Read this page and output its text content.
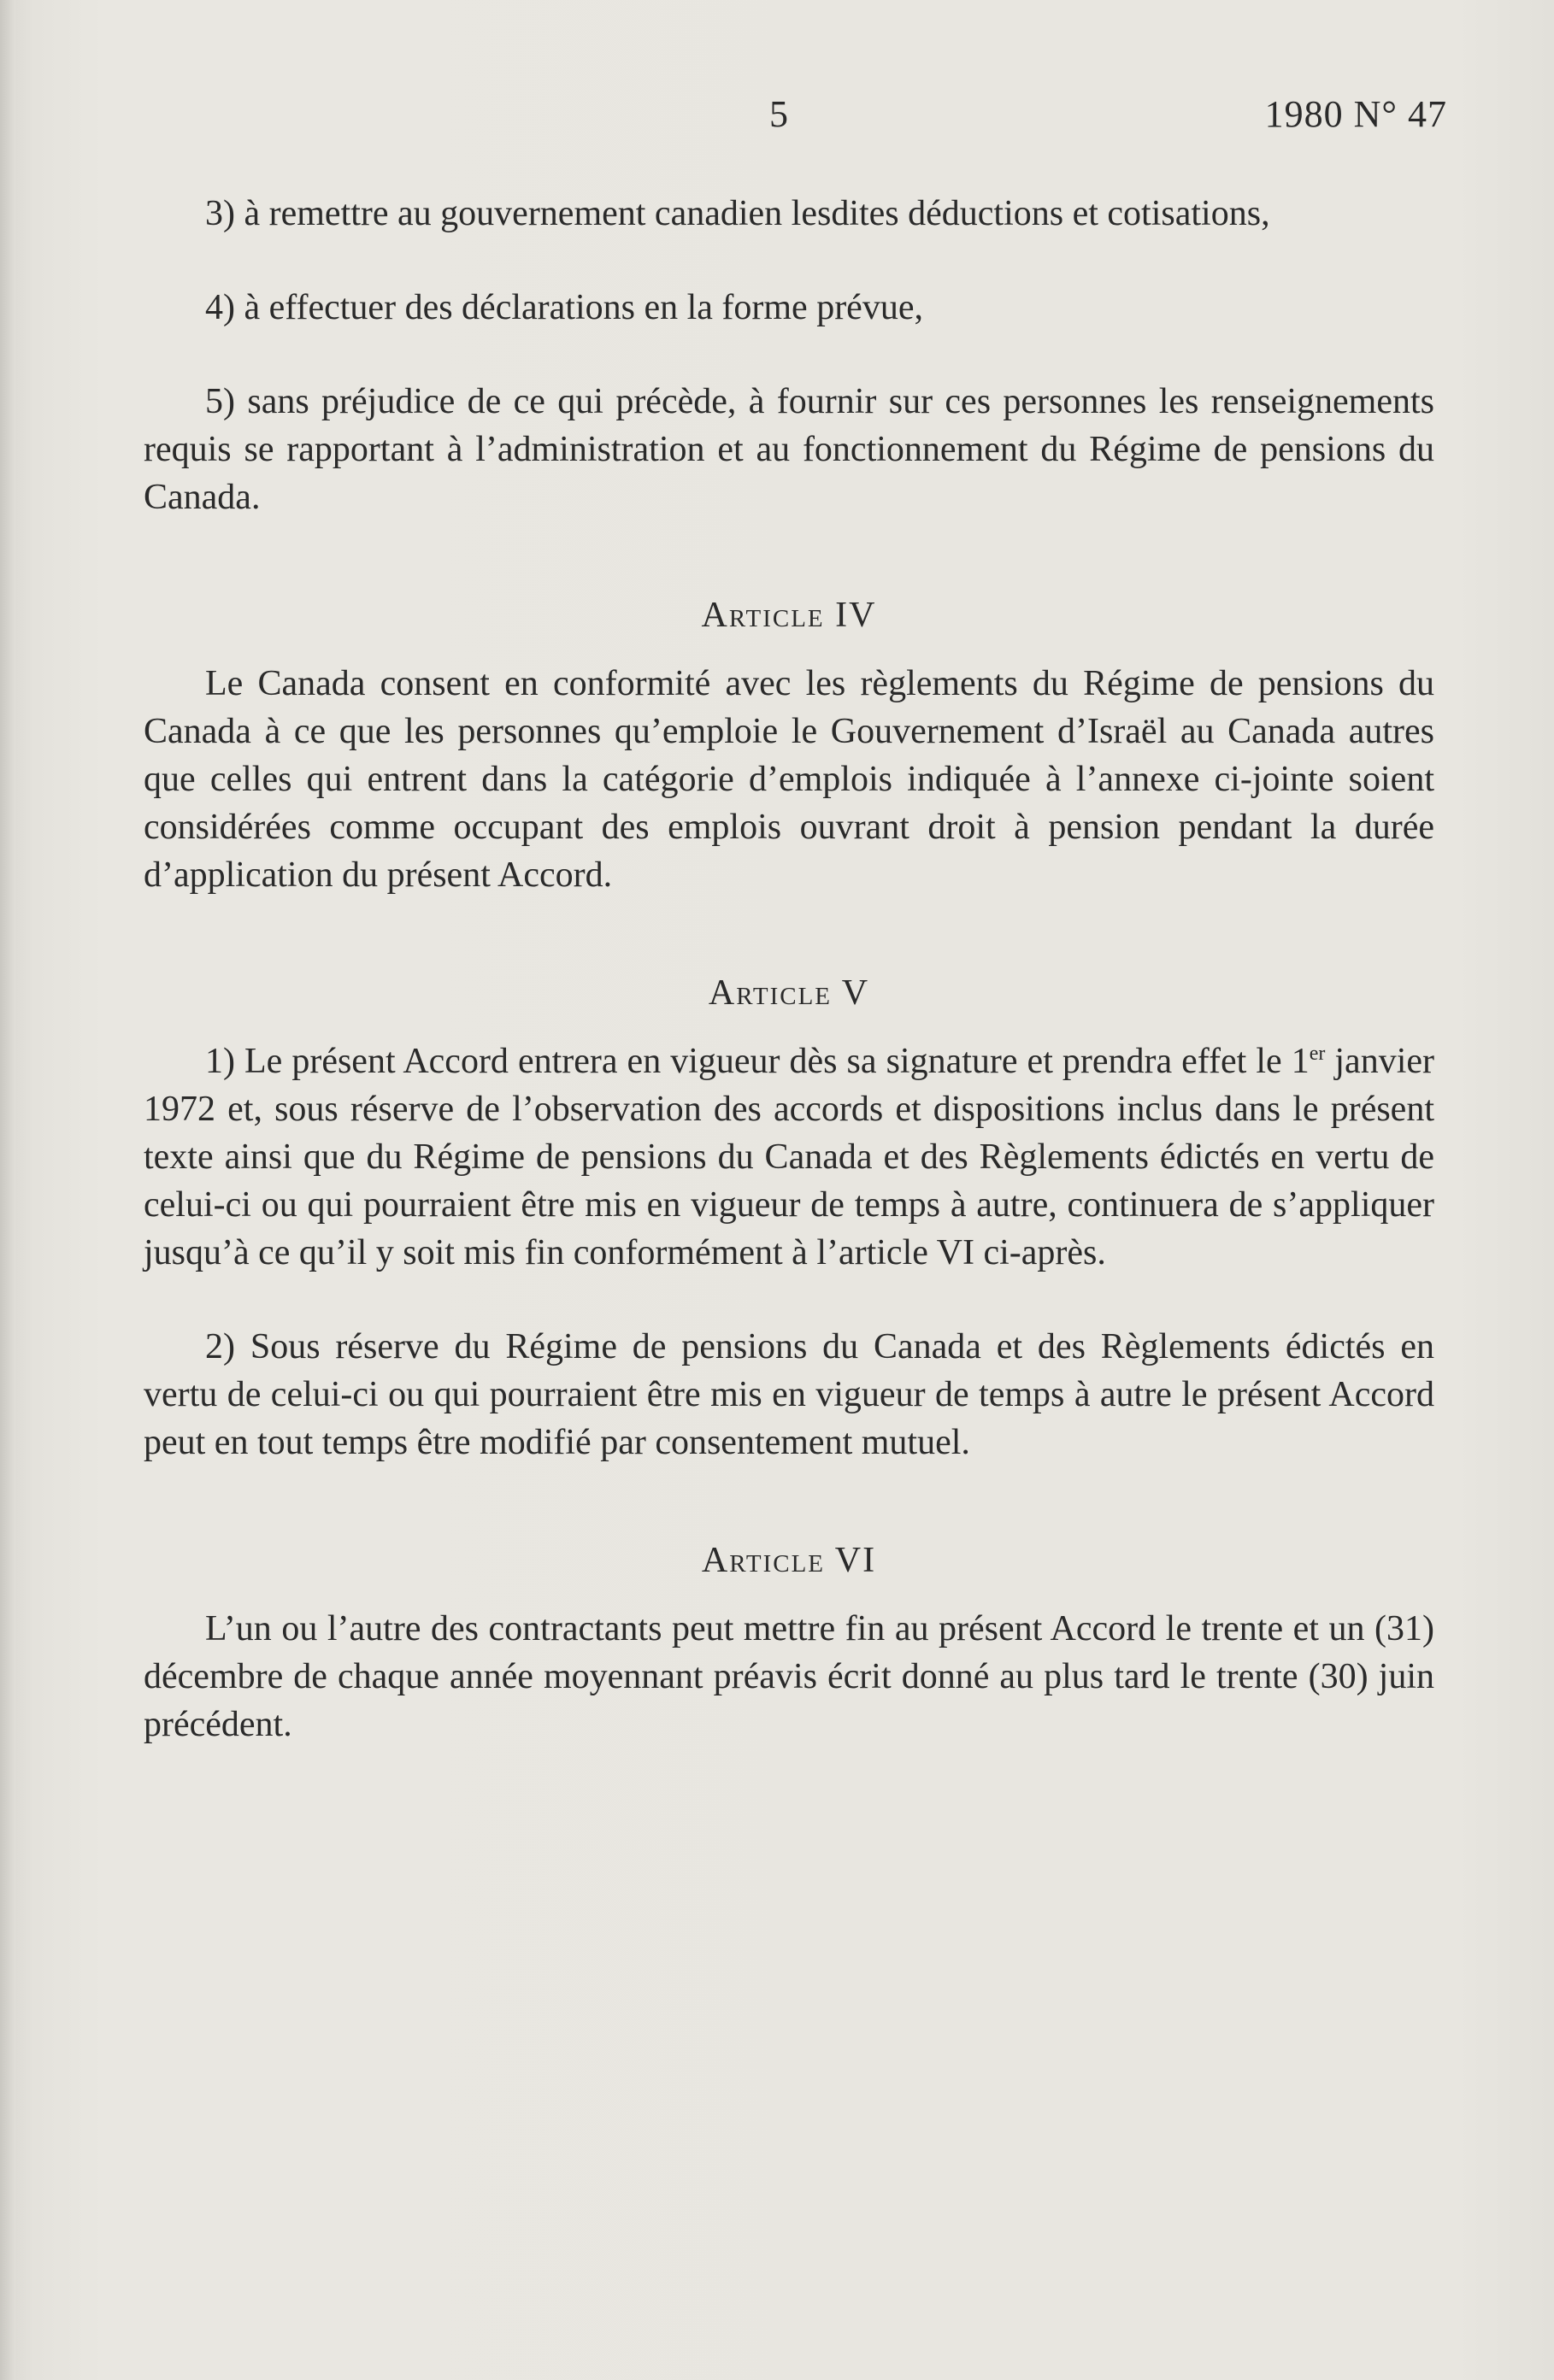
5	1980 N° 47

3) à remettre au gouvernement canadien lesdites déductions et cotisations,

4) à effectuer des déclarations en la forme prévue,

5) sans préjudice de ce qui précède, à fournir sur ces personnes les renseignements requis se rapportant à l’administration et au fonctionnement du Régime de pensions du Canada.

Article IV

Le Canada consent en conformité avec les règlements du Régime de pensions du Canada à ce que les personnes qu’emploie le Gouvernement d’Israël au Canada autres que celles qui entrent dans la catégorie d’emplois indiquée à l’annexe ci-jointe soient considérées comme occupant des emplois ouvrant droit à pension pendant la durée d’application du présent Accord.

Article V

1) Le présent Accord entrera en vigueur dès sa signature et prendra effet le 1er janvier 1972 et, sous réserve de l’observation des accords et dispositions inclus dans le présent texte ainsi que du Régime de pensions du Canada et des Règlements édictés en vertu de celui-ci ou qui pourraient être mis en vigueur de temps à autre, continuera de s’appliquer jusqu’à ce qu’il y soit mis fin conformément à l’article VI ci-après.

2) Sous réserve du Régime de pensions du Canada et des Règlements édictés en vertu de celui-ci ou qui pourraient être mis en vigueur de temps à autre le présent Accord peut en tout temps être modifié par consentement mutuel.

Article VI

L’un ou l’autre des contractants peut mettre fin au présent Accord le trente et un (31) décembre de chaque année moyennant préavis écrit donné au plus tard le trente (30) juin précédent.
